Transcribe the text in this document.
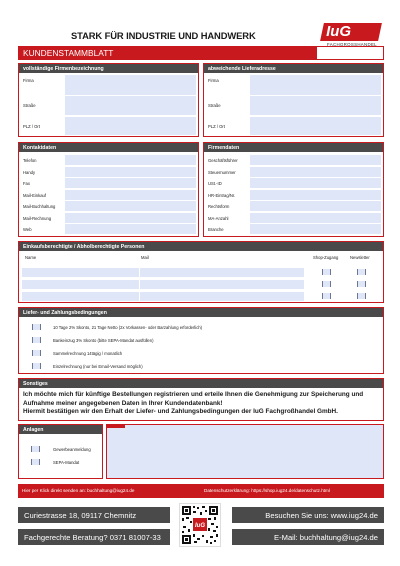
STARK FÜR INDUSTRIE UND HANDWERK	IuG
FACHGROSSHANDEL
KUNDENSTAMMBLATT
vollständige Firmenbezeichnung
Firma
Straße
PLZ / Ort
abweichende Lieferadresse
Firma
Straße
PLZ / Ort
Kontaktdaten
Telefon
Handy
Fax
Mail-Einkauf
Mail-Buchhaltung
Mail-Rechnung
Web
Firmendaten
Geschäftsführer
Steuernummer
USt.-ID
HR-Eintrag/Nr.
Rechtsform
MA-Anzahl
Branche
Einkaufsberechtigte / Abholberechtigte Personen
Name	Mail	Shop-Zugang	Newsletter
Liefer- und Zahlungsbedingungen
10 Tage 2% Skonto, 21 Tage Netto (2x Vorkassen- oder Barzahlung erforderlich)
Bankeinzug 3% Skonto (bitte SEPA-Mandat ausfüllen)
Sammelrechnung 14tägig / monatlich
Einzelrechnung (nur bei Email-Versand möglich)
Sonstiges
Ich möchte mich für künftige Bestellungen registrieren und erteile Ihnen die Genehmigung zur Speicherung und Aufnahme meiner angegebenen Daten in Ihrer Kundendatenbank!
Hiermit bestätigen wir den Erhalt der Liefer- und Zahlungsbedingungen der IuG Fachgroßhandel GmbH.
Anlagen
Gewerbeanmeldung
SEPA-Mandat
Hier per Klick direkt senden an: buchhaltung@iug24.de	Datenschutzerklärung: https://shop.iug24.de/datenschutz.html
Curiestrasse 18, 09117 Chemnitz
Fachgerechte Beratung? 0371 81007-33
Besuchen Sie uns: www.iug24.de
E-Mail: buchhaltung@iug24.de
IuG
